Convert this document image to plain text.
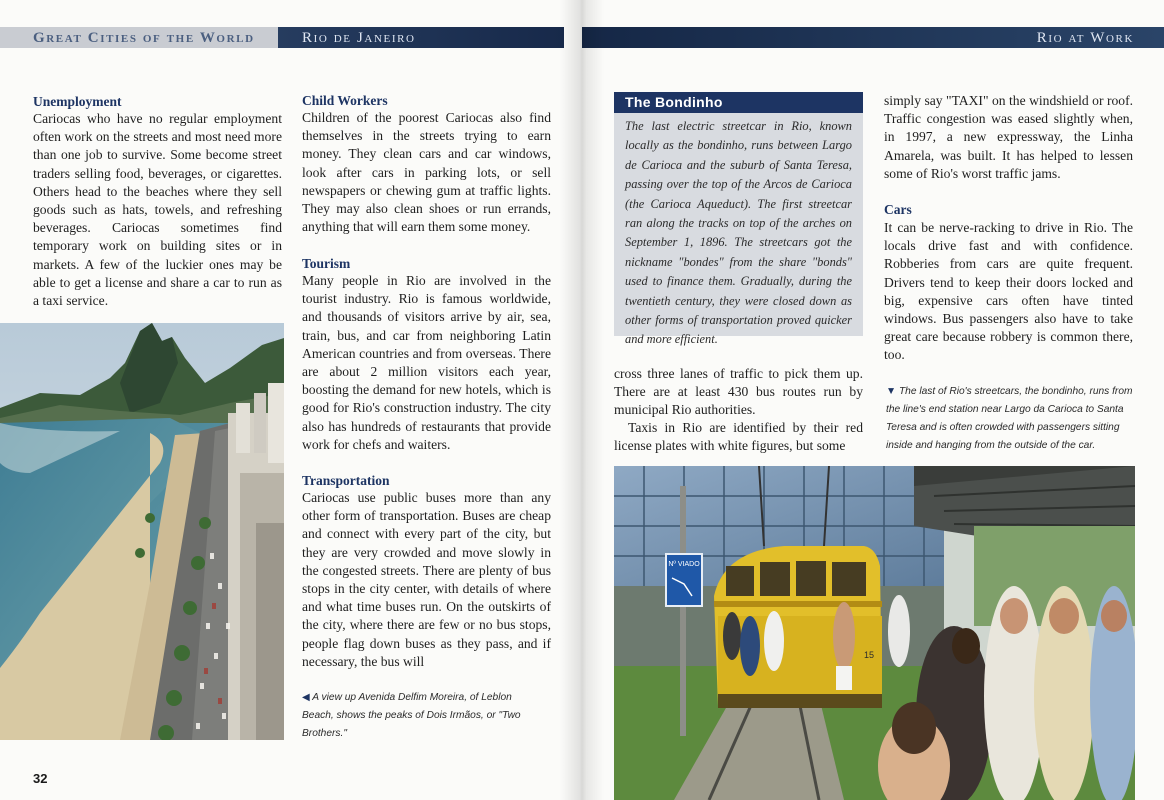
Great Cities of the World	Rio de Janeiro	Rio at Work
Unemployment
Cariocas who have no regular employment often work on the streets and most need more than one job to survive. Some become street traders selling food, beverages, or cigarettes. Others head to the beaches where they sell goods such as hats, towels, and refreshing beverages. Cariocas sometimes find temporary work on building sites or in markets. A few of the luckier ones may be able to get a license and share a car to run as a taxi service.
32
Child Workers
Children of the poorest Cariocas also find themselves in the streets trying to earn money. They clean cars and car windows, look after cars in parking lots, or sell newspapers or chewing gum at traffic lights. They may also clean shoes or run errands, anything that will earn them some money.
Tourism
Many people in Rio are involved in the tourist industry. Rio is famous worldwide, and thousands of visitors arrive by air, sea, train, bus, and car from neighboring Latin American countries and from overseas. There are about 2 million visitors each year, boosting the demand for new hotels, which is good for Rio's construction industry. The city also has hundreds of restaurants that provide work for chefs and waiters.
Transportation
Cariocas use public buses more than any other form of transportation. Buses are cheap and connect with every part of the city, but they are very crowded and move slowly in the congested streets. There are plenty of bus stops in the city center, with details of where and what time buses run. On the outskirts of the city, where there are few or no bus stops, people flag down buses as they pass, and if necessary, the bus will
◀ A view up Avenida Delfim Moreira, of Leblon Beach, shows the peaks of Dois Irmãos, or "Two Brothers."
The Bondinho
The last electric streetcar in Rio, known locally as the bondinho, runs between Largo de Carioca and the suburb of Santa Teresa, passing over the top of the Arcos de Carioca (the Carioca Aqueduct). The first streetcar ran along the tracks on top of the arches on September 1, 1896. The streetcars got the nickname "bondes" from the share "bonds" used to finance them. Gradually, during the twentieth century, they were closed down as other forms of transportation proved quicker and more efficient.
cross three lanes of traffic to pick them up. There are at least 430 bus routes run by municipal Rio authorities.
Taxis in Rio are identified by their red license plates with white figures, but some
simply say "TAXI" on the windshield or roof. Traffic congestion was eased slightly when, in 1997, a new expressway, the Linha Amarela, was built. It has helped to lessen some of Rio's worst traffic jams.
Cars
It can be nerve-racking to drive in Rio. The locals drive fast and with confidence. Robberies from cars are quite frequent. Drivers tend to keep their doors locked and big, expensive cars often have tinted windows. Bus passengers also have to take great care because robbery is common there, too.
▼ The last of Rio's streetcars, the bondinho, runs from the line's end station near Largo da Carioca to Santa Teresa and is often crowded with passengers sitting inside and hanging from the outside of the car.
Nº VIADO
15
